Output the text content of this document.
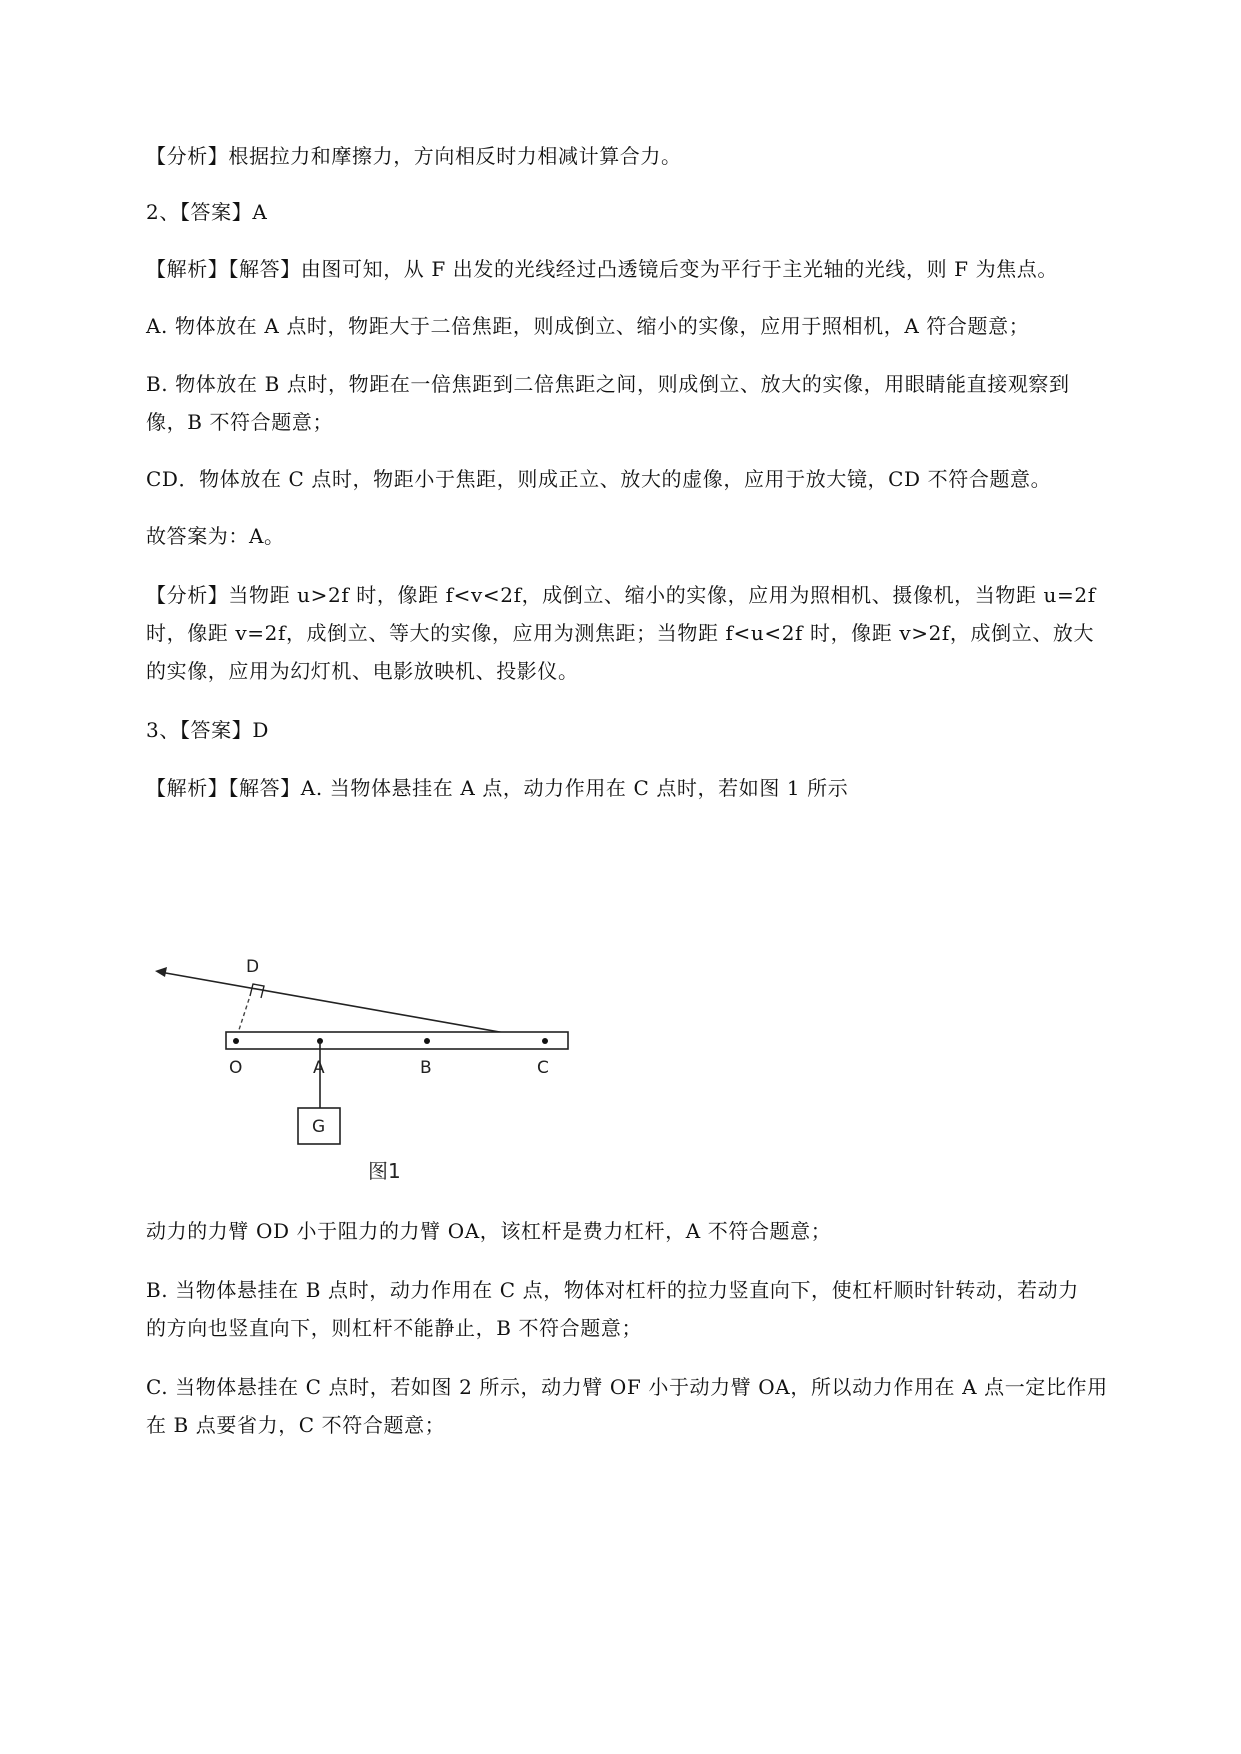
【分析】根据拉力和摩擦力，方向相反时力相减计算合力。
2、【答案】A
【解析】【解答】由图可知，从 F 出发的光线经过凸透镜后变为平行于主光轴的光线，则 F 为焦点。
A. 物体放在 A 点时，物距大于二倍焦距，则成倒立、缩小的实像，应用于照相机，A 符合题意；
B. 物体放在 B 点时，物距在一倍焦距到二倍焦距之间，则成倒立、放大的实像，用眼睛能直接观察到
像，B 不符合题意；
CD．物体放在 C 点时，物距小于焦距，则成正立、放大的虚像，应用于放大镜，CD 不符合题意。
故答案为：A。
【分析】当物距 u>2f 时，像距 f<v<2f，成倒立、缩小的实像，应用为照相机、摄像机，当物距 u=2f
时，像距 v=2f，成倒立、等大的实像，应用为测焦距；当物距 f<u<2f 时，像距 v>2f，成倒立、放大
的实像，应用为幻灯机、电影放映机、投影仪。
3、【答案】D
【解析】【解答】A. 当物体悬挂在 A 点，动力作用在 C 点时，若如图 1 所示
D
O	A	B	C
G
图1
动力的力臂 OD 小于阻力的力臂 OA，该杠杆是费力杠杆，A 不符合题意；
B. 当物体悬挂在 B 点时，动力作用在 C 点，物体对杠杆的拉力竖直向下，使杠杆顺时针转动，若动力
的方向也竖直向下，则杠杆不能静止，B 不符合题意；
C. 当物体悬挂在 C 点时，若如图 2 所示，动力臂 OF 小于动力臂 OA，所以动力作用在 A 点一定比作用
在 B 点要省力，C 不符合题意；
